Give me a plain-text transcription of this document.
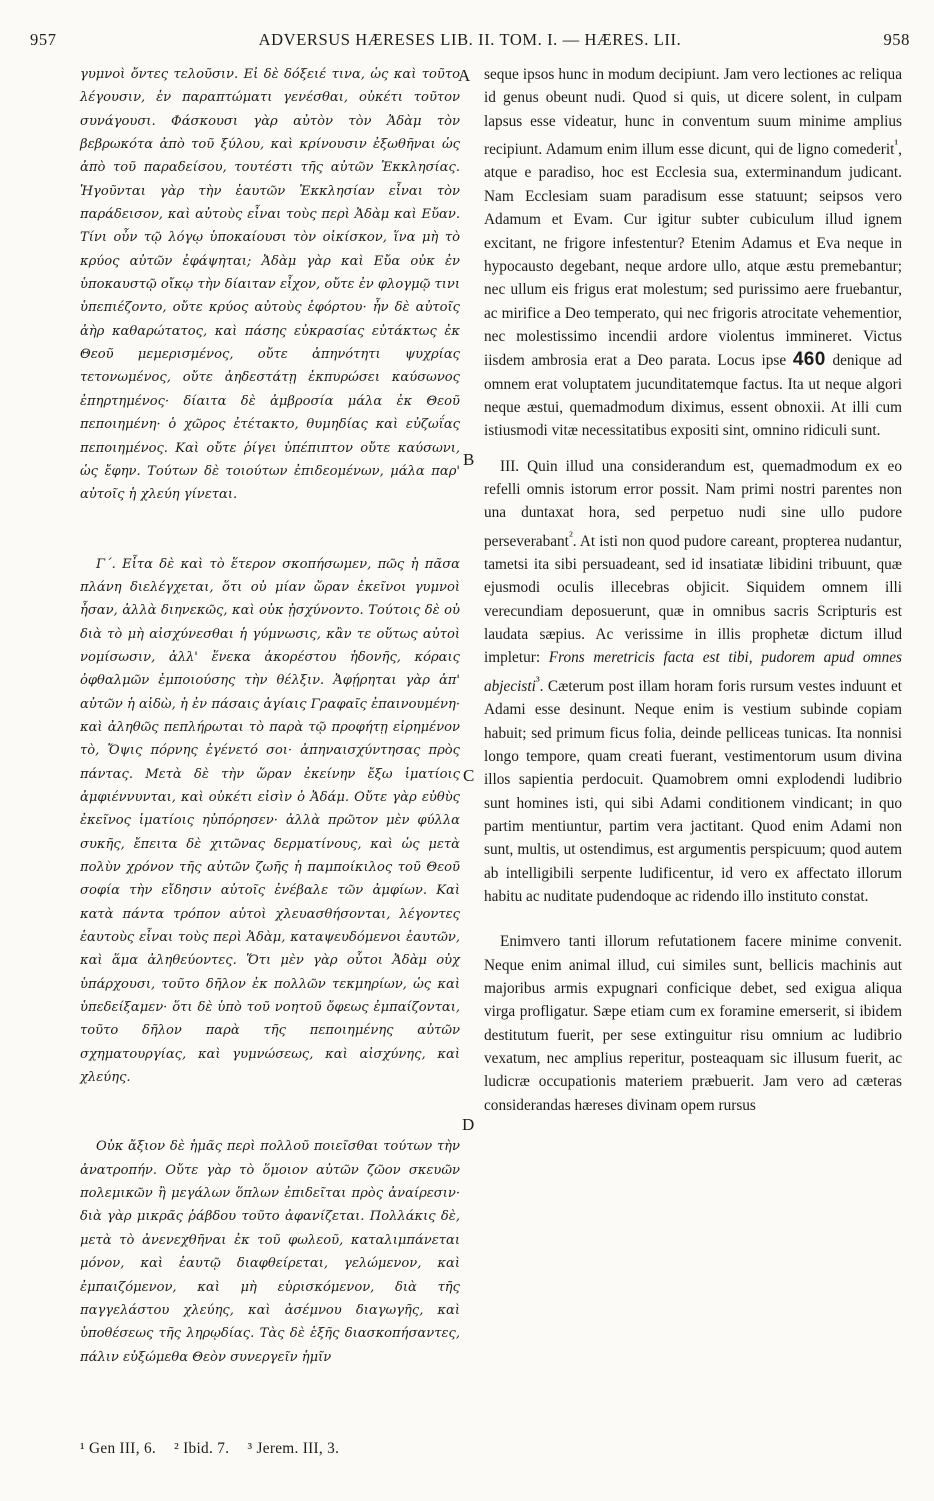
957	ADVERSUS HÆRESES LIB. II. TOM. I. — HÆRES. LII.	958

γυμνοὶ ὄντες τελοῦσιν. Εἰ δὲ δόξειέ τινα, ὡς καὶ τοῦτο λέγουσιν, ἐν παραπτώματι γενέσθαι, οὐκέτι τοῦτον συνάγουσι. Φάσκουσι γὰρ αὐτὸν τὸν Ἀδὰμ τὸν βεβρωκότα ἀπὸ τοῦ ξύλου, καὶ κρίνουσιν ἐξωθῆναι ὡς ἀπὸ τοῦ παραδείσου, τουτέστι τῆς αὐτῶν Ἐκκλησίας. Ἡγοῦνται γὰρ τὴν ἑαυτῶν Ἐκκλησίαν εἶναι τὸν παράδεισον, καὶ αὐτοὺς εἶναι τοὺς περὶ Ἀδὰμ καὶ Εὔαν. Τίνι οὖν τῷ λόγῳ ὑποκαίουσι τὸν οἰκίσκον, ἵνα μὴ τὸ κρύος αὐτῶν ἐφάψηται; Ἀδὰμ γὰρ καὶ Εὔα οὐκ ἐν ὑποκαυστῷ οἴκῳ τὴν δίαιταν εἶχον, οὔτε ἐν φλογμῷ τινι ὑπεπιέζοντο, οὔτε κρύος αὐτοὺς ἐφόρτου· ἦν δὲ αὐτοῖς ἀὴρ καθαρώτατος, καὶ πάσης εὐκρασίας εὐτάκτως ἐκ Θεοῦ μεμερισμένος, οὔτε ἀπηνότητι ψυχρίας τετονωμένος, οὔτε ἀηδεστάτῃ ἐκπυρώσει καύσωνος ἐπηρτημένος· δίαιτα δὲ ἀμβροσία μάλα ἐκ Θεοῦ πεποιημένη· ὁ χῶρος ἐτέτακτο, θυμηδίας καὶ εὐζωΐας πεποιημένος. Καὶ οὔτε ῥίγει ὑπέπιπτον οὔτε καύσωνι, ὡς ἔφην. Τούτων δὲ τοιούτων ἐπιδεομένων, μάλα παρ' αὐτοῖς ἡ χλεύη γίνεται.

Γ΄. Εἶτα δὲ καὶ τὸ ἕτερον σκοπήσωμεν, πῶς ἡ πᾶσα πλάνη διελέγχεται, ὅτι οὐ μίαν ὥραν ἐκεῖνοι γυμνοὶ ἦσαν, ἀλλὰ διηνεκῶς, καὶ οὐκ ᾐσχύνοντο. Τούτοις δὲ οὐ διὰ τὸ μὴ αἰσχύνεσθαι ἡ γύμνωσις, κἂν τε οὕτως αὐτοὶ νομίσωσιν, ἀλλ' ἕνεκα ἀκορέστου ἡδονῆς, κόραις ὀφθαλμῶν ἐμποιούσης τὴν θέλξιν. Ἀφῄρηται γὰρ ἀπ' αὐτῶν ἡ αἰδὼ, ἡ ἐν πάσαις ἁγίαις Γραφαῖς ἐπαινουμένη· καὶ ἀληθῶς πεπλήρωται τὸ παρὰ τῷ προφήτῃ εἰρημένον τὸ, Ὄψις πόρνης ἐγένετό σοι· ἀπηναισχύντησας πρὸς πάντας. Μετὰ δὲ τὴν ὥραν ἐκείνην ἔξω ἱματίοις ἀμφιέννυνται, καὶ οὐκέτι εἰσὶν ὁ Ἀδάμ. Οὔτε γὰρ εὐθὺς ἐκεῖνος ἱματίοις ηὐπόρησεν· ἀλλὰ πρῶτον μὲν φύλλα συκῆς, ἔπειτα δὲ χιτῶνας δερματίνους, καὶ ὡς μετὰ πολὺν χρόνον τῆς αὐτῶν ζωῆς ἡ παμποίκιλος τοῦ Θεοῦ σοφία τὴν εἴδησιν αὐτοῖς ἐνέβαλε τῶν ἀμφίων. Καὶ κατὰ πάντα τρόπον αὐτοὶ χλευασθήσονται, λέγοντες ἑαυτοὺς εἶναι τοὺς περὶ Ἀδὰμ, καταψευδόμενοι ἑαυτῶν, καὶ ἅμα ἀληθεύοντες. Ὅτι μὲν γὰρ οὗτοι Ἀδὰμ οὐχ ὑπάρχουσι, τοῦτο δῆλον ἐκ πολλῶν τεκμηρίων, ὡς καὶ ὑπεδείξαμεν· ὅτι δὲ ὑπὸ τοῦ νοητοῦ ὄφεως ἐμπαίζονται, τοῦτο δῆλον παρὰ τῆς πεποιημένης αὐτῶν σχηματουργίας, καὶ γυμνώσεως, καὶ αἰσχύνης, καὶ χλεύης.

Οὐκ ἄξιον δὲ ἡμᾶς περὶ πολλοῦ ποιεῖσθαι τούτων τὴν ἀνατροπήν. Οὔτε γὰρ τὸ ὅμοιον αὐτῶν ζῶον σκευῶν πολεμικῶν ἢ μεγάλων ὅπλων ἐπιδεῖται πρὸς ἀναίρεσιν· διὰ γὰρ μικρᾶς ῥάβδου τοῦτο ἀφανίζεται. Πολλάκις δὲ, μετὰ τὸ ἀνενεχθῆναι ἐκ τοῦ φωλεοῦ, καταλιμπάνεται μόνον, καὶ ἑαυτῷ διαφθείρεται, γελώμενον, καὶ ἐμπαιζόμενον, καὶ μὴ εὑρισκόμενον, διὰ τῆς παγγελάστου χλεύης, καὶ ἀσέμνου διαγωγῆς, καὶ ὑποθέσεως τῆς ληρῳδίας. Τὰς δὲ ἑξῆς διασκοπήσαντες, πάλιν εὐξώμεθα Θεὸν συνεργεῖν ἡμῖν

A
B
C
D

seque ipsos hunc in modum decipiunt. Jam vero lectiones ac reliqua id genus obeunt nudi. Quod si quis, ut dicere solent, in culpam lapsus esse videatur, hunc in conventum suum minime amplius recipiunt. Adamum enim illum esse dicunt, qui de ligno comederit$^{^1}$, atque e paradiso, hoc est Ecclesia sua, exterminandum judicant. Nam Ecclesiam suam paradisum esse statuunt; seipsos vero Adamum et Evam. Cur igitur subter cubiculum illud ignem excitant, ne frigore infestentur? Etenim Adamus et Eva neque in hypocausto degebant, neque ardore ullo, atque æstu premebantur; nec ullum eis frigus erat molestum; sed purissimo aere fruebantur, ac mirifice a Deo temperato, qui nec frigoris atrocitate vehementior, nec molestissimo incendii ardore violentus immineret. Victus iisdem ambrosia erat a Deo parata. Locus ipse 460 denique ad omnem erat voluptatem jucunditatemque factus. Ita ut neque algori neque æstui, quemadmodum diximus, essent obnoxii. At illi cum istiusmodi vitæ necessitatibus expositi sint, omnino ridiculi sunt.

III. Quin illud una considerandum est, quemadmodum ex eo refelli omnis istorum error possit. Nam primi nostri parentes non una duntaxat hora, sed perpetuo nudi sine ullo pudore perseverabant$^{^2}$. At isti non quod pudore careant, propterea nudantur, tametsi ita sibi persuadeant, sed id insatiatæ libidini tribuunt, quæ ejusmodi oculis illecebras objicit. Siquidem omnem illi verecundiam deposuerunt, quæ in omnibus sacris Scripturis est laudata sæpius. Ac verissime in illis prophetæ dictum illud impletur: Frons meretricis facta est tibi, pudorem apud omnes abjecisti$^{^3}$. Cæterum post illam horam foris rursum vestes induunt et Adami esse desinunt. Neque enim is vestium subinde copiam habuit; sed primum ficus folia, deinde pelliceas tunicas. Ita nonnisi longo tempore, quam creati fuerant, vestimentorum usum divina illos sapientia perdocuit. Quamobrem omni explodendi ludibrio sunt homines isti, qui sibi Adami conditionem vindicant; in quo partim mentiuntur, partim vera jactitant. Quod enim Adami non sunt, multis, ut ostendimus, est argumentis perspicuum; quod autem ab intelligibili serpente ludificentur, id vero ex affectato illorum habitu ac nuditate pudendoque ac ridendo illo instituto constat.

Enimvero tanti illorum refutationem facere minime convenit. Neque enim animal illud, cui similes sunt, bellicis machinis aut majoribus armis expugnari conficique debet, sed exigua aliqua virga profligatur. Sæpe etiam cum ex foramine emerserit, si ibidem destitutum fuerit, per sese extinguitur risu omnium ac ludibrio vexatum, nec amplius reperitur, posteaquam sic illusum fuerit, ac ludicræ occupationis materiem præbuerit. Jam vero ad cæteras considerandas hæreses divinam opem rursus

¹ Gen III, 6. ² Ibid. 7. ³ Jerem. III, 3.
